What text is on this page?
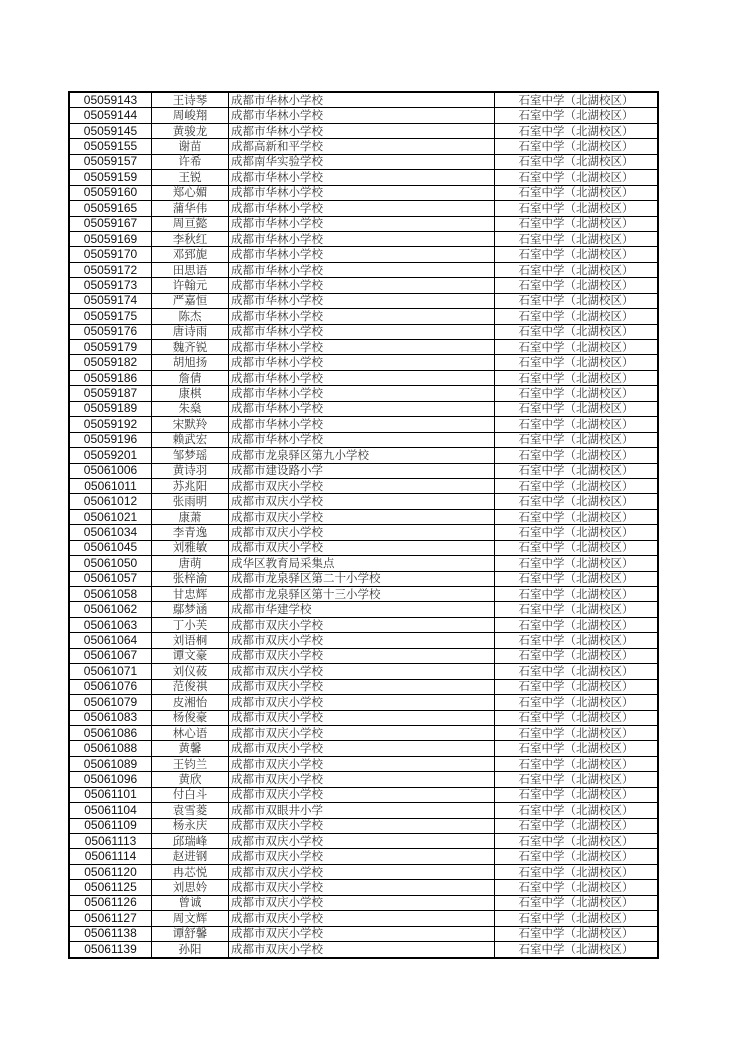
05059143	王诗琴	成都市华林小学校	石室中学（北湖校区）
05059144	周峻翔	成都市华林小学校	石室中学（北湖校区）
05059145	黄骏龙	成都市华林小学校	石室中学（北湖校区）
05059155	谢苗	成都高新和平学校	石室中学（北湖校区）
05059157	许希	成都南华实验学校	石室中学（北湖校区）
05059159	王锐	成都市华林小学校	石室中学（北湖校区）
05059160	郑心媚	成都市华林小学校	石室中学（北湖校区）
05059165	蒲华伟	成都市华林小学校	石室中学（北湖校区）
05059167	周亘懿	成都市华林小学校	石室中学（北湖校区）
05059169	李秋红	成都市华林小学校	石室中学（北湖校区）
05059170	邓郅旎	成都市华林小学校	石室中学（北湖校区）
05059172	田思语	成都市华林小学校	石室中学（北湖校区）
05059173	许翰元	成都市华林小学校	石室中学（北湖校区）
05059174	严嘉恒	成都市华林小学校	石室中学（北湖校区）
05059175	陈杰	成都市华林小学校	石室中学（北湖校区）
05059176	唐诗雨	成都市华林小学校	石室中学（北湖校区）
05059179	魏齐锐	成都市华林小学校	石室中学（北湖校区）
05059182	胡旭扬	成都市华林小学校	石室中学（北湖校区）
05059186	詹倩	成都市华林小学校	石室中学（北湖校区）
05059187	康棋	成都市华林小学校	石室中学（北湖校区）
05059189	朱燊	成都市华林小学校	石室中学（北湖校区）
05059192	宋默羚	成都市华林小学校	石室中学（北湖校区）
05059196	赖武宏	成都市华林小学校	石室中学（北湖校区）
05059201	邹梦瑶	成都市龙泉驿区第九小学校	石室中学（北湖校区）
05061006	黄诗羽	成都市建设路小学	石室中学（北湖校区）
05061011	苏兆阳	成都市双庆小学校	石室中学（北湖校区）
05061012	张雨明	成都市双庆小学校	石室中学（北湖校区）
05061021	康萧	成都市双庆小学校	石室中学（北湖校区）
05061034	李青逸	成都市双庆小学校	石室中学（北湖校区）
05061045	刘雅敏	成都市双庆小学校	石室中学（北湖校区）
05061050	唐萌	成华区教育局采集点	石室中学（北湖校区）
05061057	张梓渝	成都市龙泉驿区第二十小学校	石室中学（北湖校区）
05061058	甘忠辉	成都市龙泉驿区第十三小学校	石室中学（北湖校区）
05061062	鄢梦涵	成都市华建学校	石室中学（北湖校区）
05061063	丁小芙	成都市双庆小学校	石室中学（北湖校区）
05061064	刘语桐	成都市双庆小学校	石室中学（北湖校区）
05061067	谭文豪	成都市双庆小学校	石室中学（北湖校区）
05061071	刘仪莜	成都市双庆小学校	石室中学（北湖校区）
05061076	范俊祺	成都市双庆小学校	石室中学（北湖校区）
05061079	皮湘怡	成都市双庆小学校	石室中学（北湖校区）
05061083	杨俊豪	成都市双庆小学校	石室中学（北湖校区）
05061086	林心语	成都市双庆小学校	石室中学（北湖校区）
05061088	黄馨	成都市双庆小学校	石室中学（北湖校区）
05061089	王钧兰	成都市双庆小学校	石室中学（北湖校区）
05061096	黄欣	成都市双庆小学校	石室中学（北湖校区）
05061101	付白斗	成都市双庆小学校	石室中学（北湖校区）
05061104	袁雪菱	成都市双眼井小学	石室中学（北湖校区）
05061109	杨永庆	成都市双庆小学校	石室中学（北湖校区）
05061113	邱瑞峰	成都市双庆小学校	石室中学（北湖校区）
05061114	赵进钢	成都市双庆小学校	石室中学（北湖校区）
05061120	冉芯悦	成都市双庆小学校	石室中学（北湖校区）
05061125	刘思妗	成都市双庆小学校	石室中学（北湖校区）
05061126	曾诚	成都市双庆小学校	石室中学（北湖校区）
05061127	周文辉	成都市双庆小学校	石室中学（北湖校区）
05061138	谭舒馨	成都市双庆小学校	石室中学（北湖校区）
05061139	孙阳	成都市双庆小学校	石室中学（北湖校区）
